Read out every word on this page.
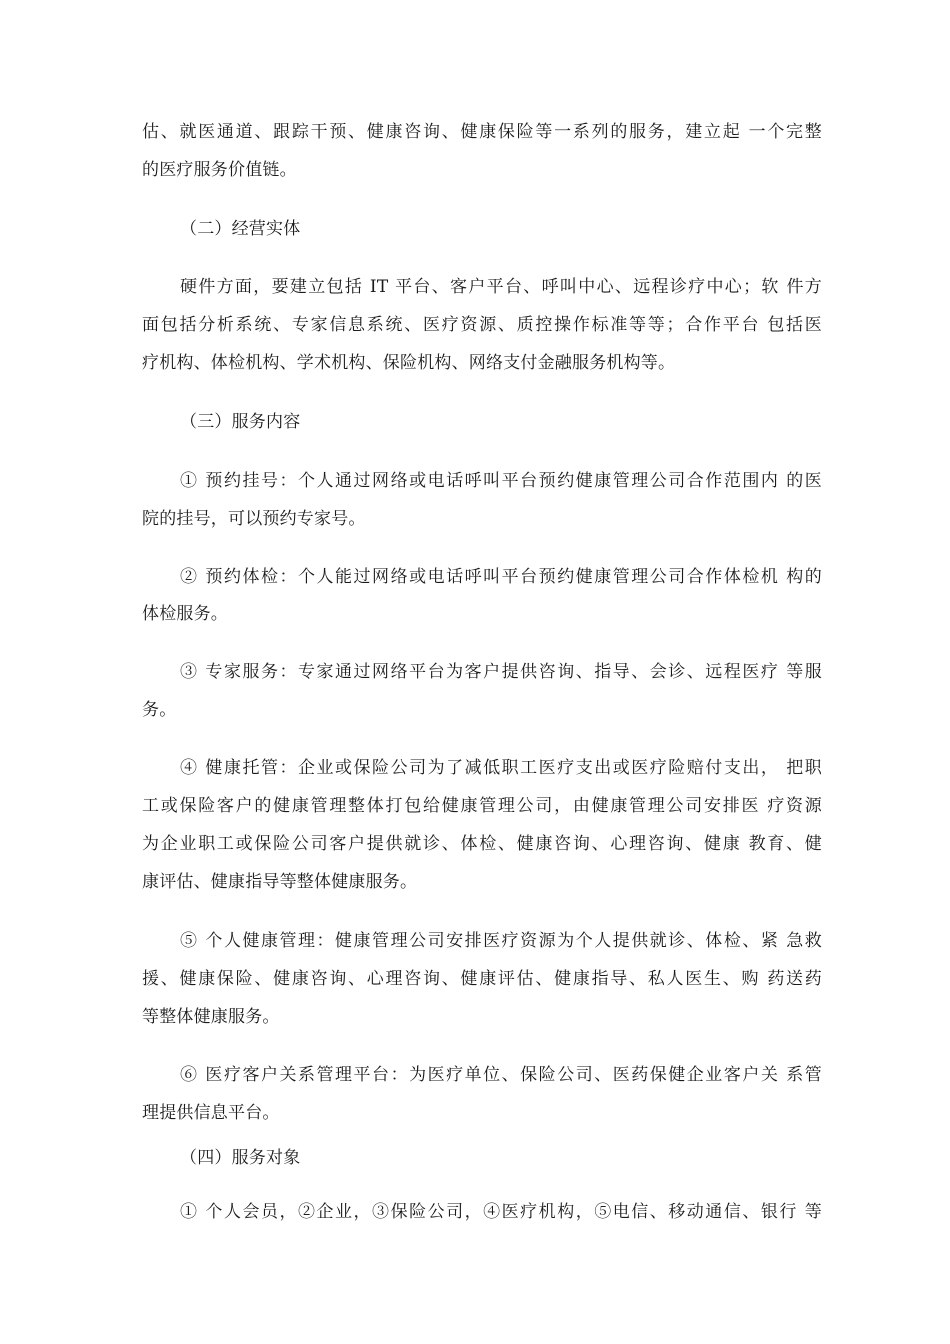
估、就医通道、跟踪干预、健康咨询、健康保险等一系列的服务，建立起 一个完整
的医疗服务价值链。
（二）经营实体
硬件方面，要建立包括 IT 平台、客户平台、呼叫中心、远程诊疗中心；软 件方
面包括分析系统、专家信息系统、医疗资源、质控操作标准等等；合作平台 包括医
疗机构、体检机构、学术机构、保险机构、网络支付金融服务机构等。
（三）服务内容
① 预约挂号：个人通过网络或电话呼叫平台预约健康管理公司合作范围内 的医
院的挂号，可以预约专家号。
② 预约体检：个人能过网络或电话呼叫平台预约健康管理公司合作体检机 构的
体检服务。
③ 专家服务：专家通过网络平台为客户提供咨询、指导、会诊、远程医疗 等服
务。
④ 健康托管：企业或保险公司为了减低职工医疗支出或医疗险赔付支出， 把职
工或保险客户的健康管理整体打包给健康管理公司，由健康管理公司安排医 疗资源
为企业职工或保险公司客户提供就诊、体检、健康咨询、心理咨询、健康 教育、健
康评估、健康指导等整体健康服务。
⑤ 个人健康管理：健康管理公司安排医疗资源为个人提供就诊、体检、紧 急救
援、健康保险、健康咨询、心理咨询、健康评估、健康指导、私人医生、购 药送药
等整体健康服务。
⑥ 医疗客户关系管理平台：为医疗单位、保险公司、医药保健企业客户关 系管
理提供信息平台。
（四）服务对象
① 个人会员，②企业，③保险公司，④医疗机构，⑤电信、移动通信、银行 等
